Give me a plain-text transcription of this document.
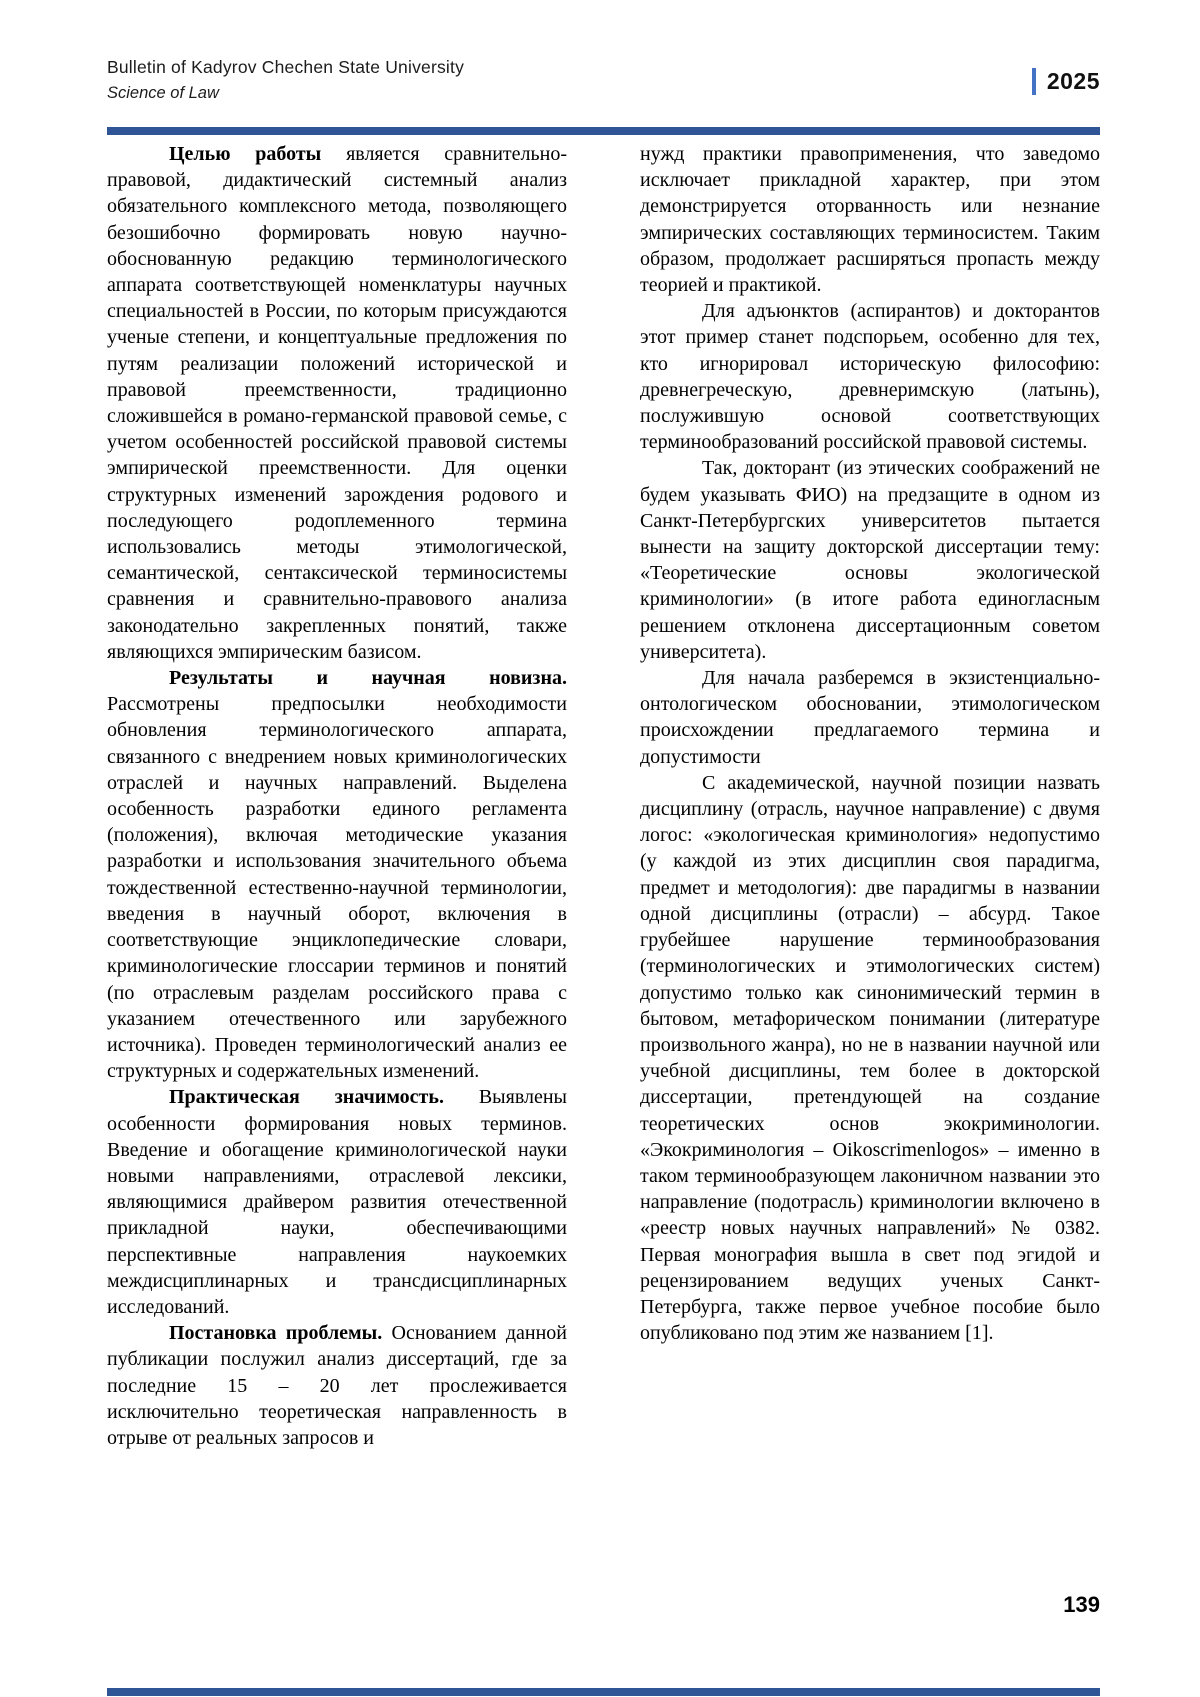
Bulletin of Kadyrov Chechen State University
Science of Law	2025

Целью работы является сравнительно-правовой, дидактический системный анализ обязательного комплексного метода, позволяющего безошибочно формировать новую научно-обоснованную редакцию терминологического аппарата соответствующей номенклатуры научных специальностей в России, по которым присуждаются ученые степени, и концептуальные предложения по путям реализации положений исторической и правовой преемственности, традиционно сложившейся в романо-германской правовой семье, с учетом особенностей российской правовой системы эмпирической преемственности. Для оценки структурных изменений зарождения родового и последующего родоплеменного термина использовались методы этимологической, семантической, сентаксической терминосистемы сравнения и сравнительно-правового анализа законодательно закрепленных понятий, также являющихся эмпирическим базисом.

Результаты и научная новизна. Рассмотрены предпосылки необходимости обновления терминологического аппарата, связанного с внедрением новых криминологических отраслей и научных направлений. Выделена особенность разработки единого регламента (положения), включая методические указания разработки и использования значительного объема тождественной естественно-научной терминологии, введения в научный оборот, включения в соответствующие энциклопедические словари, криминологические глоссарии терминов и понятий (по отраслевым разделам российского права с указанием отечественного или зарубежного источника). Проведен терминологический анализ ее структурных и содержательных изменений.

Практическая значимость. Выявлены особенности формирования новых терминов. Введение и обогащение криминологической науки новыми направлениями, отраслевой лексики, являющимися драйвером развития отечественной прикладной науки, обеспечивающими перспективные направления наукоемких междисциплинарных и трансдисциплинарных исследований.

Постановка проблемы. Основанием данной публикации послужил анализ диссертаций, где за последние 15 – 20 лет прослеживается исключительно теоретическая направленность в отрыве от реальных запросов и

нужд практики правоприменения, что заведомо исключает прикладной характер, при этом демонстрируется оторванность или незнание эмпирических составляющих терминосистем. Таким образом, продолжает расширяться пропасть между теорией и практикой.

Для адъюнктов (аспирантов) и докторантов этот пример станет подспорьем, особенно для тех, кто игнорировал историческую философию: древнегреческую, древнеримскую (латынь), послужившую основой соответствующих терминообразований российской правовой системы.

Так, докторант (из этических соображений не будем указывать ФИО) на предзащите в одном из Санкт-Петербургских университетов пытается вынести на защиту докторской диссертации тему: «Теоретические основы экологической криминологии» (в итоге работа единогласным решением отклонена диссертационным советом университета).

Для начала разберемся в экзистенциально-онтологическом обосновании, этимологическом происхождении предлагаемого термина и допустимости

С академической, научной позиции назвать дисциплину (отрасль, научное направление) с двумя логос: «экологическая криминология» недопустимо (у каждой из этих дисциплин своя парадигма, предмет и методология): две парадигмы в названии одной дисциплины (отрасли) – абсурд. Такое грубейшее нарушение терминообразования (терминологических и этимологических систем) допустимо только как синонимический термин в бытовом, метафорическом понимании (литературе произвольного жанра), но не в названии научной или учебной дисциплины, тем более в докторской диссертации, претендующей на создание теоретических основ экокриминологии. «Экокриминология – Oikoscrimenlogos» – именно в таком терминообразующем лаконичном названии это направление (подотрасль) криминологии включено в «реестр новых научных направлений» № 0382. Первая монография вышла в свет под эгидой и рецензированием ведущих ученых Санкт-Петербурга, также первое учебное пособие было опубликовано под этим же названием [1].

139
